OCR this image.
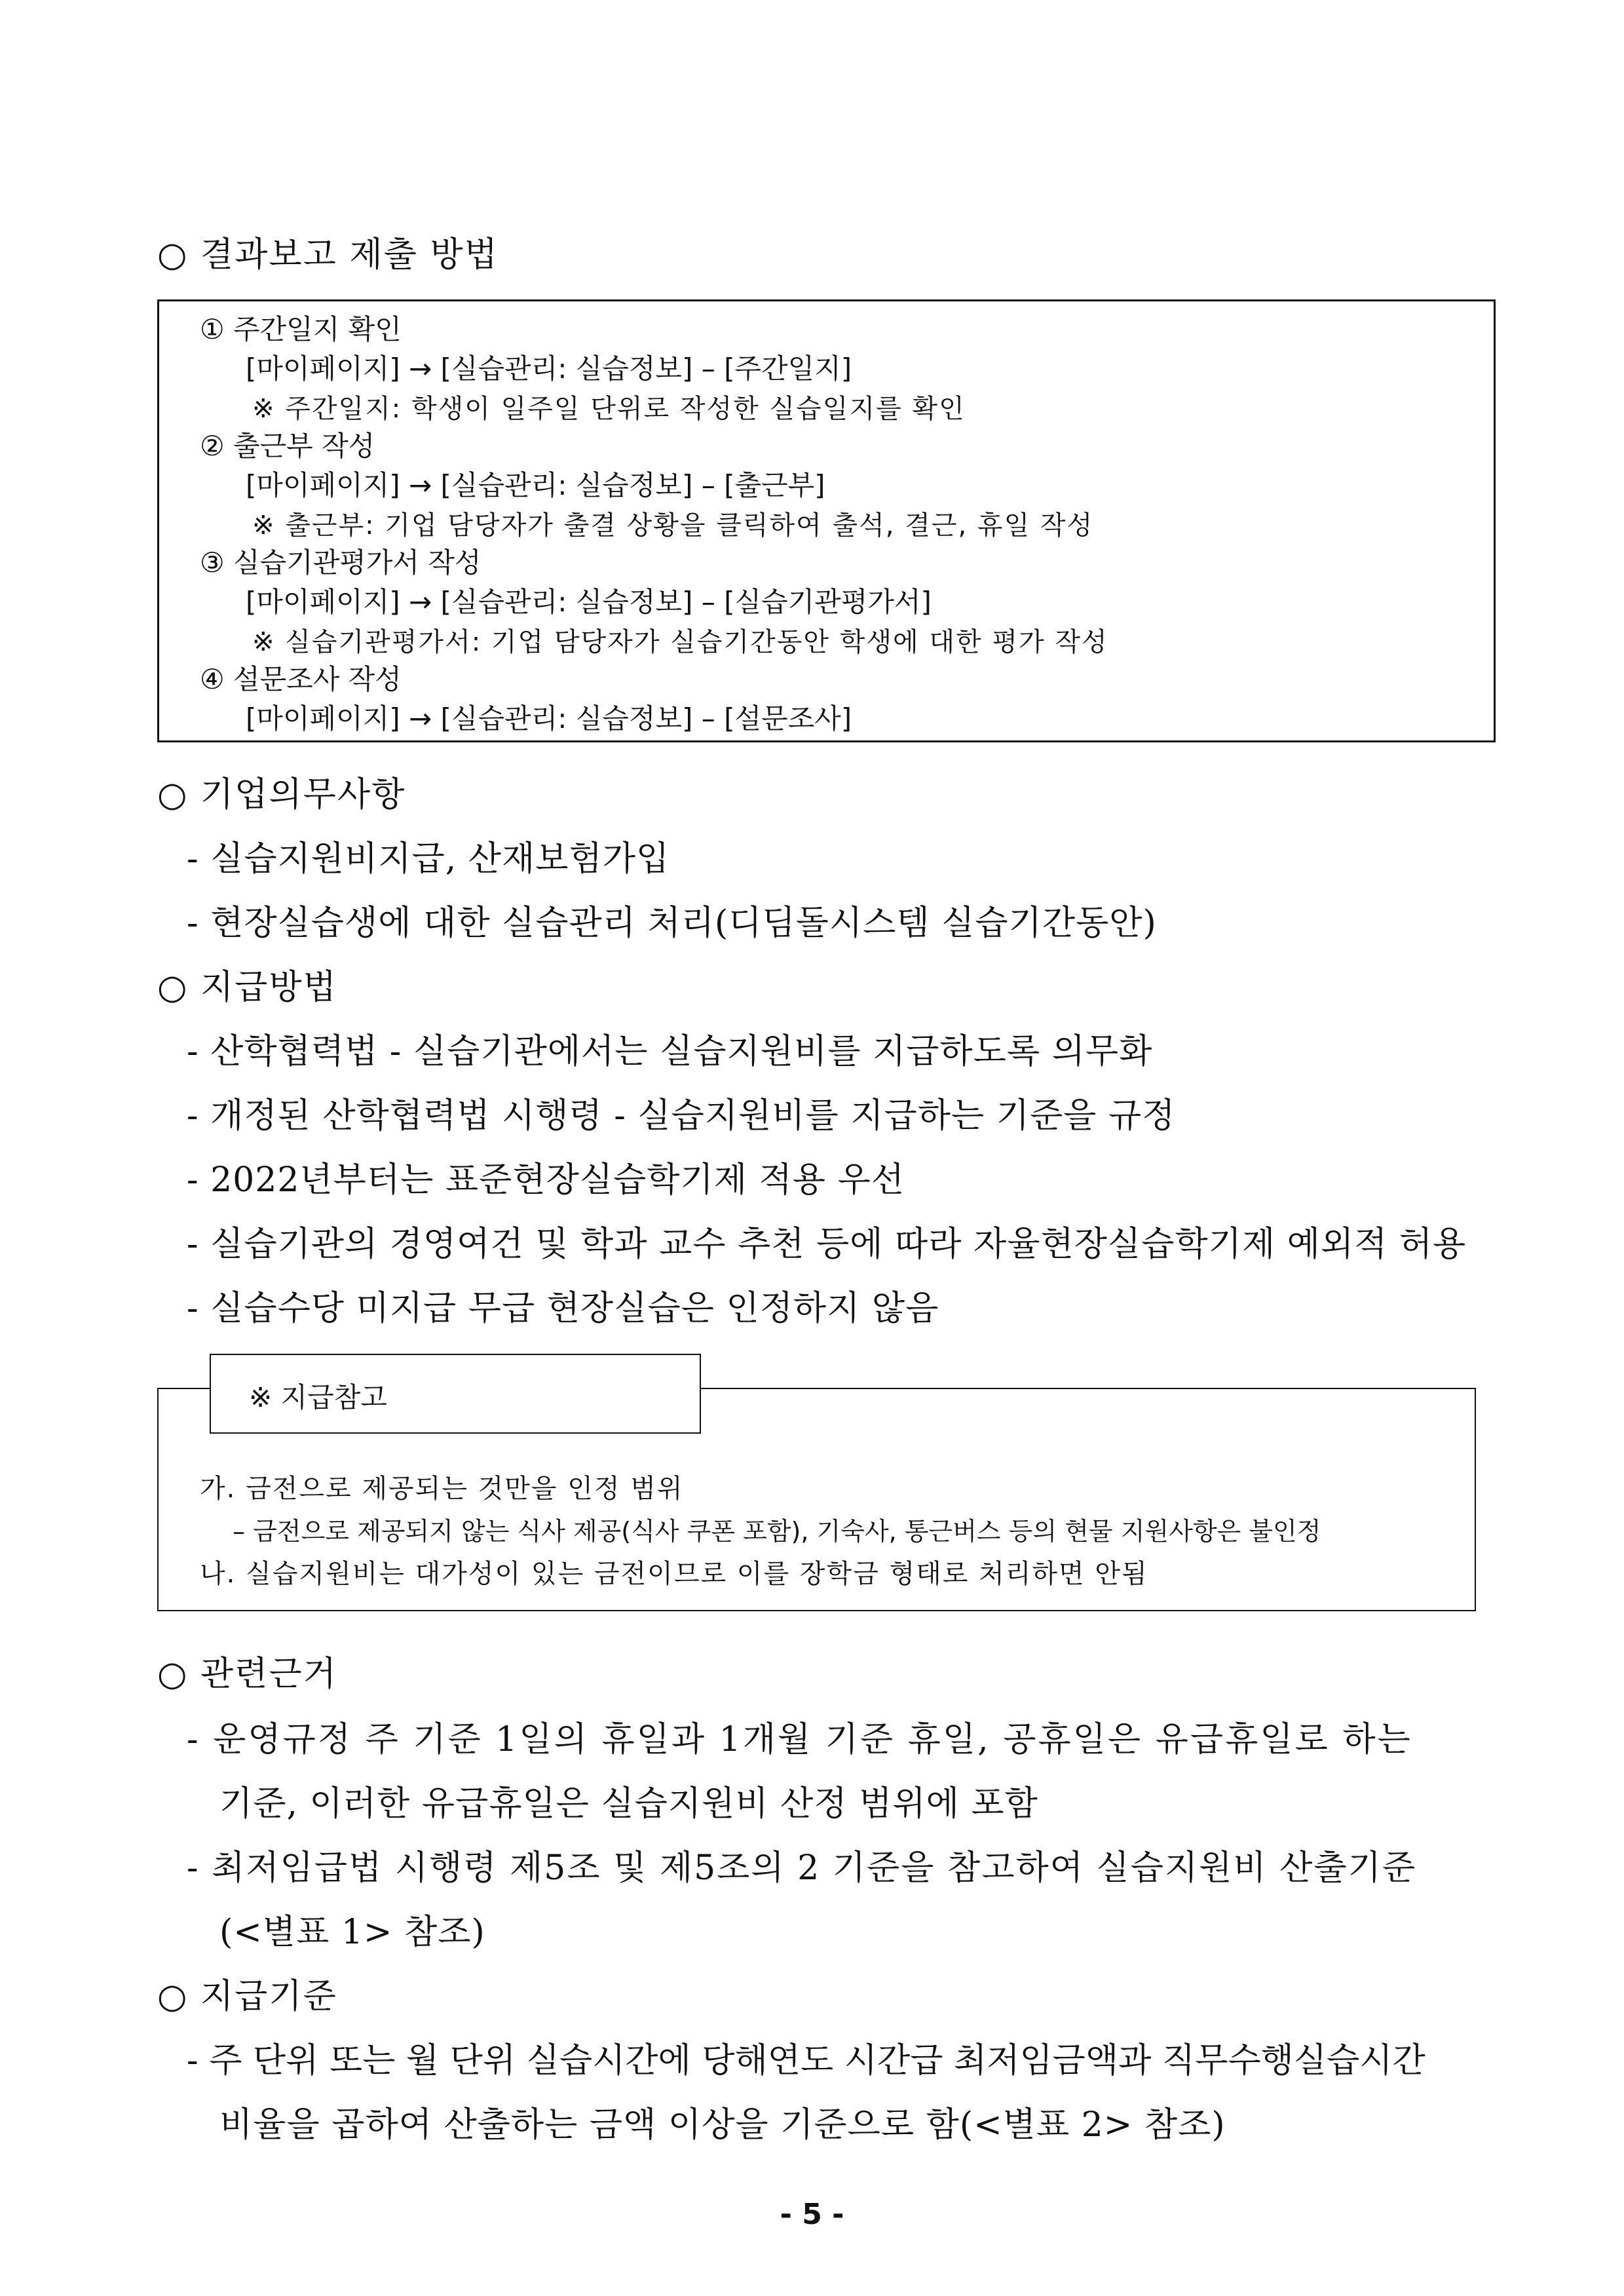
○ 결과보고 제출 방법
① 주간일지 확인
[마이페이지] → [실습관리: 실습정보] – [주간일지]
※ 주간일지: 학생이 일주일 단위로 작성한 실습일지를 확인
② 출근부 작성
[마이페이지] → [실습관리: 실습정보] – [출근부]
※ 출근부: 기업 담당자가 출결 상황을 클릭하여 출석, 결근, 휴일 작성
③ 실습기관평가서 작성
[마이페이지] → [실습관리: 실습정보] – [실습기관평가서]
※ 실습기관평가서: 기업 담당자가 실습기간동안 학생에 대한 평가 작성
④ 설문조사 작성
[마이페이지] → [실습관리: 실습정보] – [설문조사]
○ 기업의무사항
- 실습지원비지급, 산재보험가입
- 현장실습생에 대한 실습관리 처리(디딤돌시스템 실습기간동안)
○ 지급방법
- 산학협력법 - 실습기관에서는 실습지원비를 지급하도록 의무화
- 개정된 산학협력법 시행령 - 실습지원비를 지급하는 기준을 규정
- 2022년부터는 표준현장실습학기제 적용 우선
- 실습기관의 경영여건 및 학과 교수 추천 등에 따라 자율현장실습학기제 예외적 허용
- 실습수당 미지급 무급 현장실습은 인정하지 않음
※ 지급참고
가. 금전으로 제공되는 것만을 인정 범위
– 금전으로 제공되지 않는 식사 제공(식사 쿠폰 포함), 기숙사, 통근버스 등의 현물 지원사항은 불인정
나. 실습지원비는 대가성이 있는 금전이므로 이를 장학금 형태로 처리하면 안됨
○ 관련근거
- 운영규정 주 기준 1일의 휴일과 1개월 기준 휴일, 공휴일은 유급휴일로 하는
기준, 이러한 유급휴일은 실습지원비 산정 범위에 포함
- 최저임급법 시행령 제5조 및 제5조의 2 기준을 참고하여 실습지원비 산출기준
(<별표 1> 참조)
○ 지급기준
- 주 단위 또는 월 단위 실습시간에 당해연도 시간급 최저임금액과 직무수행실습시간
비율을 곱하여 산출하는 금액 이상을 기준으로 함(<별표 2> 참조)
- 5 -
